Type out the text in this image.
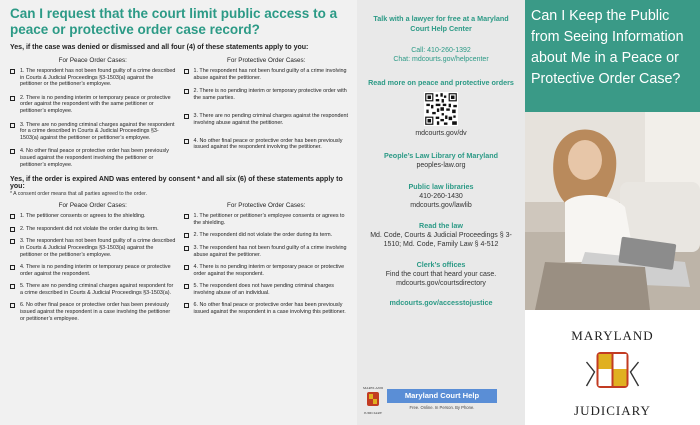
Can I request that the court limit public access to a peace or protective order case record?
Yes, if the case was denied or dismissed and all four (4) of these statements apply to you:
For Peace Order Cases:
1. The respondent has not been found guilty of a crime described in Courts & Judicial Proceedings §3-1503(a) against the petitioner or the petitioner’s employee.
2. There is no pending interim or temporary peace or protective order against the respondent with the same petitioner or petitioner’s employee.
3. There are no pending criminal charges against the respondent for a crime described in Courts & Judicial Proceedings §3-1503(a) against the petitioner or petitioner’s employee.
4. No other final peace or protective order has been previously issued against the respondent involving the petitioner or petitioner’s employee.
For Protective Order Cases:
1. The respondent has not been found guilty of a crime involving abuse against the petitioner.
2. There is no pending interim or temporary protective order with the same parties.
3. There are no pending criminal charges against the respondent involving abuse against the petitioner.
4. No other final peace or protective order has been previously issued against the respondent involving the petitioner.
Yes, if the order is expired AND was entered by consent * and all six (6) of these statements apply to you:
* A consent order means that all parties agreed to the order.
For Peace Order Cases:
1. The petitioner consents or agrees to the shielding.
2. The respondent did not violate the order during its term.
3. The respondent has not been found guilty of a crime described in Courts & Judicial Proceedings §3-1503(a) against the petitioner or the petitioner’s employee.
4. There is no pending interim or temporary peace or protective order against the respondent.
5. There are no pending criminal charges against respondent for a crime described in Courts & Judicial Proceedings §3-1503(a).
6. No other final peace or protective order has been previously issued against the respondent in a case involving the petitioner or petitioner’s employee.
For Protective Order Cases:
1. The petitioner or petitioner’s employee consents or agrees to the shielding.
2. The respondent did not violate the order during its term.
3. The respondent has not been found guilty of a crime involving abuse against the petitioner.
4. There is no pending interim or temporary peace or protective order against the respondent.
5. The respondent does not have pending criminal charges involving abuse of an individual.
6. No other final peace or protective order has been previously issued against the respondent in a case involving this petitioner.

Talk with a lawyer for free at a Maryland Court Help Center

Call: 410-260-1392

Chat: mdcourts.gov/helpcenter

Read more on peace and protective orders

mdcourts.gov/dv

People’s Law Library of Maryland

peoples-law.org

Public law libraries

410-260-1430

mdcourts.gov/lawlib

Read the law

Md. Code, Courts & Judicial Proceedings § 3-1510; Md. Code, Family Law § 4-512

Clerk’s offices

Find the court that heard your case.

mdcourts.gov/courtsdirectory

mdcourts.gov/accesstojustice

MARYLAND
JUDICIARY
Maryland Court Help
Free. Online. In Person. By Phone.
Can I Keep the Public from Seeing Information about Me in a Peace or Protective Order Case?
MARYLAND
JUDICIARY
